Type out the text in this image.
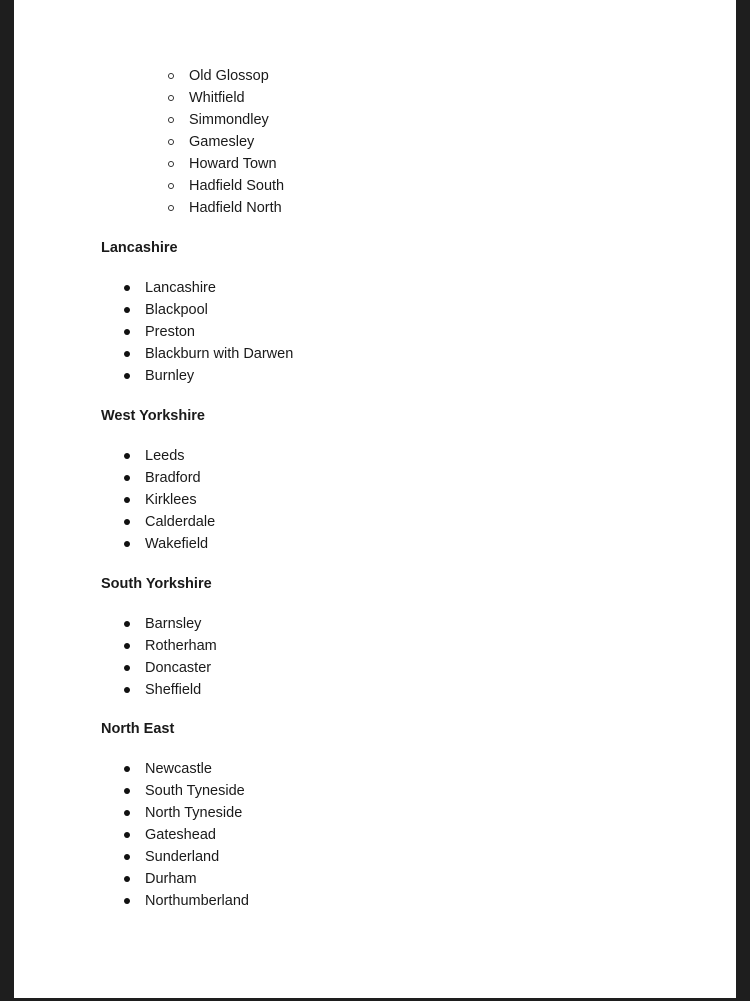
Old Glossop
Whitfield
Simmondley
Gamesley
Howard Town
Hadfield South
Hadfield North
Lancashire
Lancashire
Blackpool
Preston
Blackburn with Darwen
Burnley
West Yorkshire
Leeds
Bradford
Kirklees
Calderdale
Wakefield
South Yorkshire
Barnsley
Rotherham
Doncaster
Sheffield
North East
Newcastle
South Tyneside
North Tyneside
Gateshead
Sunderland
Durham
Northumberland
